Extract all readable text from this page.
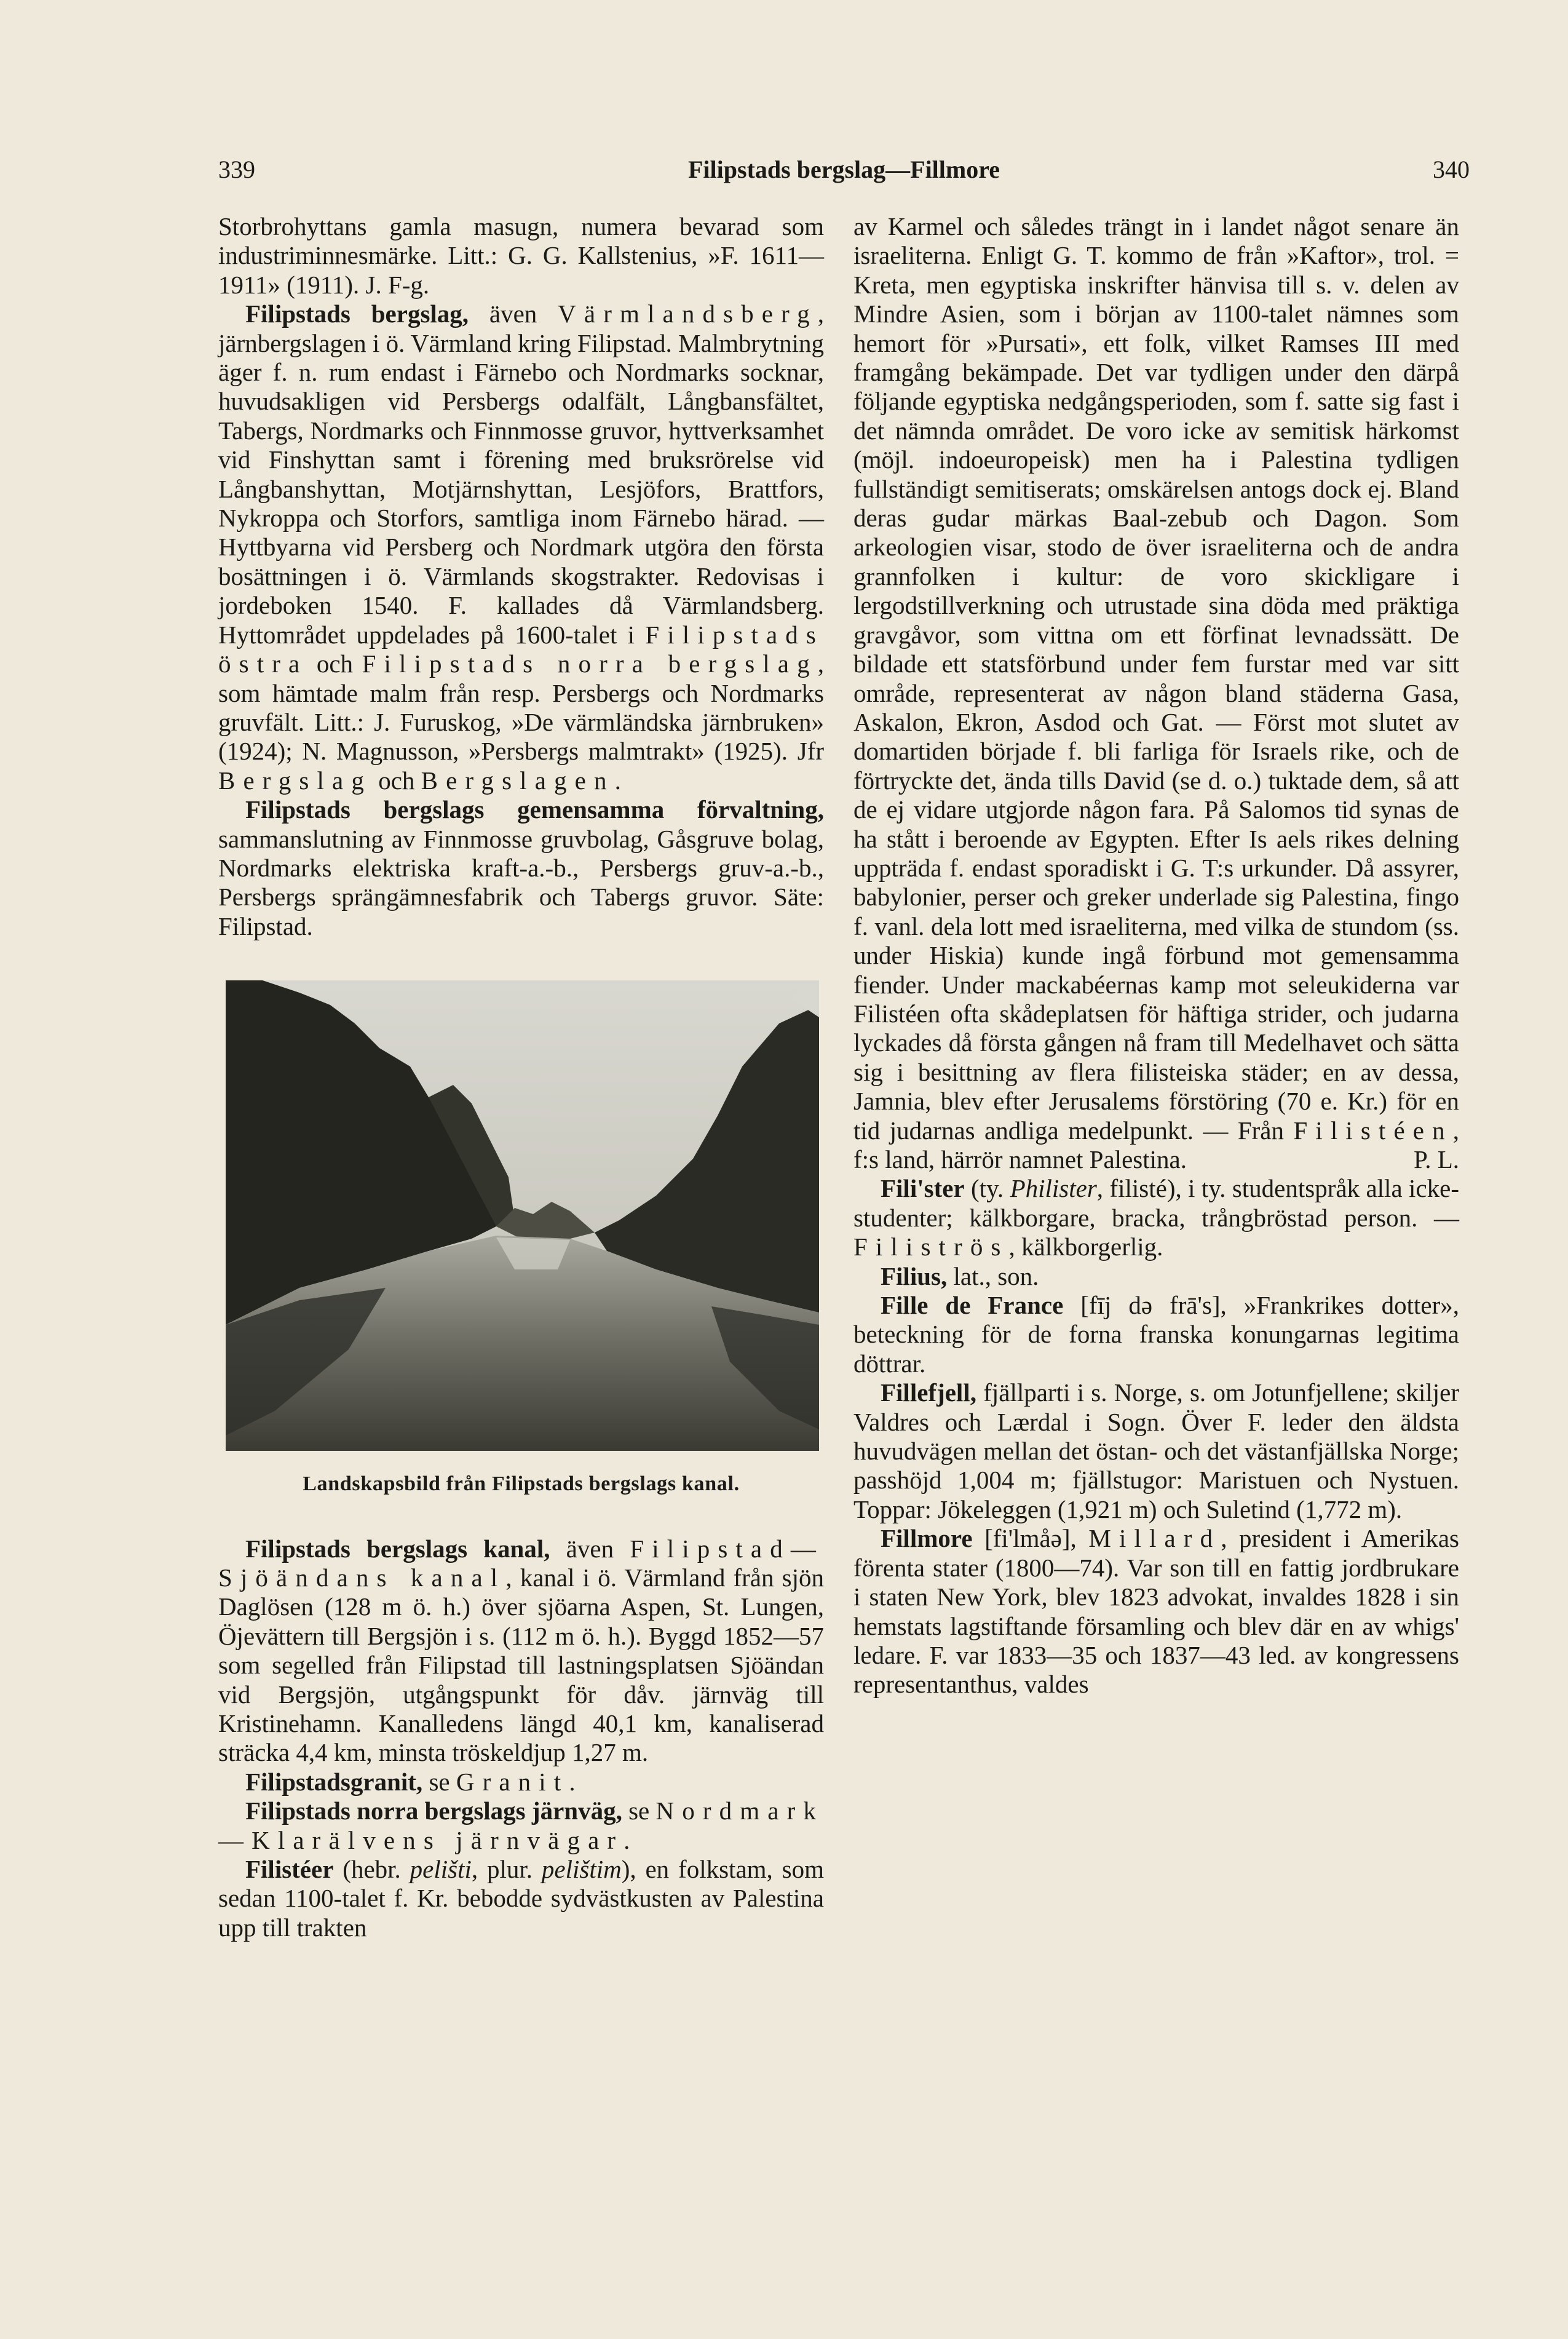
339	Filipstads bergslag—Fillmore	340

Storbrohyttans gamla masugn, numera bevarad som industriminnesmärke. Litt.: G. G. Kallstenius, »F. 1611—1911» (1911). J. F-g.

Filipstads bergslag, även Värmlandsberg, järnbergslagen i ö. Värmland kring Filipstad. Malmbrytning äger f. n. rum endast i Färnebo och Nordmarks socknar, huvudsakligen vid Persbergs odalfält, Långbansfältet, Tabergs, Nordmarks och Finnmosse gruvor, hyttverksamhet vid Finshyttan samt i förening med bruksrörelse vid Långbanshyttan, Motjärnshyttan, Lesjöfors, Brattfors, Nykroppa och Storfors, samtliga inom Färnebo härad. — Hyttbyarna vid Persberg och Nordmark utgöra den första bosättningen i ö. Värmlands skogstrakter. Redovisas i jordeboken 1540. F. kallades då Värmlandsberg. Hyttområdet uppdelades på 1600-talet i Filipstads östra och Filipstads norra bergslag, som hämtade malm från resp. Persbergs och Nordmarks gruvfält. Litt.: J. Furuskog, »De värmländska järnbruken» (1924); N. Magnusson, »Persbergs malmtrakt» (1925). Jfr Bergslag och Bergslagen.

Filipstads bergslags gemensamma förvaltning, sammanslutning av Finnmosse gruvbolag, Gåsgruve bolag, Nordmarks elektriska kraft-a.-b., Persbergs gruv-a.-b., Persbergs sprängämnesfabrik och Tabergs gruvor. Säte: Filipstad.

Landskapsbild från Filipstads bergslags kanal.

Filipstads bergslags kanal, även Filipstad—Sjöändans kanal, kanal i ö. Värmland från sjön Daglösen (128 m ö. h.) över sjöarna Aspen, St. Lungen, Öjevättern till Bergsjön i s. (112 m ö. h.). Byggd 1852—57 som segelled från Filipstad till lastningsplatsen Sjöändan vid Bergsjön, utgångspunkt för dåv. järnväg till Kristinehamn. Kanalledens längd 40,1 km, kanaliserad sträcka 4,4 km, minsta tröskeldjup 1,27 m.

Filipstadsgranit, se Granit.

Filipstads norra bergslags järnväg, se Nordmark—Klarälvens järnvägar.

Filistéer (hebr. pelišti, plur. pelištim), en folkstam, som sedan 1100-talet f. Kr. bebodde sydvästkusten av Palestina upp till trakten

av Karmel och således trängt in i landet något senare än israeliterna. Enligt G. T. kommo de från »Kaftor», trol. = Kreta, men egyptiska inskrifter hänvisa till s. v. delen av Mindre Asien, som i början av 1100-talet nämnes som hemort för »Pursati», ett folk, vilket Ramses III med framgång bekämpade. Det var tydligen under den därpå följande egyptiska nedgångsperioden, som f. satte sig fast i det nämnda området. De voro icke av semitisk härkomst (möjl. indoeuropeisk) men ha i Palestina tydligen fullständigt semitiserats; omskärelsen antogs dock ej. Bland deras gudar märkas Baal-zebub och Dagon. Som arkeologien visar, stodo de över israeliterna och de andra grannfolken i kultur: de voro skickligare i lergodstillverkning och utrustade sina döda med präktiga gravgåvor, som vittna om ett förfinat levnadssätt. De bildade ett statsförbund under fem furstar med var sitt område, representerat av någon bland städerna Gasa, Askalon, Ekron, Asdod och Gat. — Först mot slutet av domartiden började f. bli farliga för Israels rike, och de förtryckte det, ända tills David (se d. o.) tuktade dem, så att de ej vidare utgjorde någon fara. På Salomos tid synas de ha stått i beroende av Egypten. Efter Is aels rikes delning uppträda f. endast sporadiskt i G. T:s urkunder. Då assyrer, babylonier, perser och greker underlade sig Palestina, fingo f. vanl. dela lott med israeliterna, med vilka de stundom (ss. under Hiskia) kunde ingå förbund mot gemensamma fiender. Under mackabéernas kamp mot seleukiderna var Filistéen ofta skådeplatsen för häftiga strider, och judarna lyckades då första gången nå fram till Medelhavet och sätta sig i besittning av flera filisteiska städer; en av dessa, Jamnia, blev efter Jerusalems förstöring (70 e. Kr.) för en tid judarnas andliga medelpunkt. — Från Filistéen, f:s land, härrör namnet Palestina.	P. L.

Fili'ster (ty. Philister, filisté), i ty. studentspråk alla icke-studenter; kälkborgare, bracka, trångbröstad person. — Filiströs, kälkborgerlig.

Filius, lat., son.

Fille de France [fīj də frā's], »Frankrikes dotter», beteckning för de forna franska konungarnas legitima döttrar.

Fillefjell, fjällparti i s. Norge, s. om Jotunfjellene; skiljer Valdres och Lærdal i Sogn. Över F. leder den äldsta huvudvägen mellan det östan- och det västanfjällska Norge; passhöjd 1,004 m; fjällstugor: Maristuen och Nystuen. Toppar: Jökeleggen (1,921 m) och Suletind (1,772 m).

Fillmore [fi'lmåə], Millard, president i Amerikas förenta stater (1800—74). Var son till en fattig jordbrukare i staten New York, blev 1823 advokat, invaldes 1828 i sin hemstats lagstiftande församling och blev där en av whigs' ledare. F. var 1833—35 och 1837—43 led. av kongressens representanthus, valdes
